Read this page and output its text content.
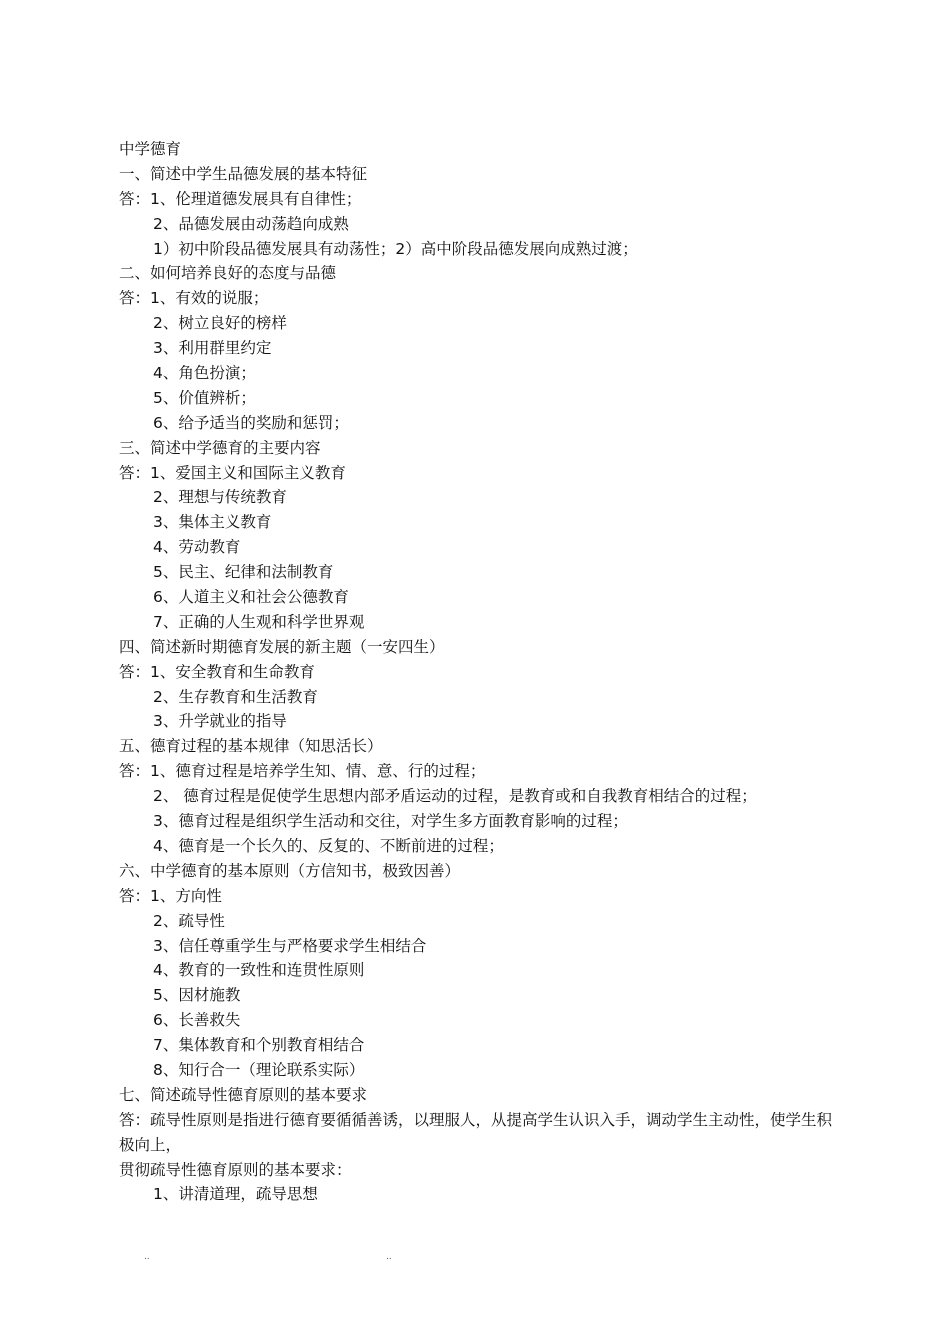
中学德育
一、简述中学生品德发展的基本特征
答：1、伦理道德发展具有自律性；
2、品德发展由动荡趋向成熟
1）初中阶段品德发展具有动荡性；2）高中阶段品德发展向成熟过渡；
二、如何培养良好的态度与品德
答：1、有效的说服；
2、树立良好的榜样
3、利用群里约定
4、角色扮演；
5、价值辨析；
6、给予适当的奖励和惩罚；
三、简述中学德育的主要内容
答：1、爱国主义和国际主义教育
2、理想与传统教育
3、集体主义教育
4、劳动教育
5、民主、纪律和法制教育
6、人道主义和社会公德教育
7、正确的人生观和科学世界观
四、简述新时期德育发展的新主题（一安四生）
答：1、安全教育和生命教育
2、生存教育和生活教育
3、升学就业的指导
五、德育过程的基本规律（知思活长）
答：1、德育过程是培养学生知、情、意、行的过程；
2、 德育过程是促使学生思想内部矛盾运动的过程，是教育或和自我教育相结合的过程；
3、德育过程是组织学生活动和交往，对学生多方面教育影响的过程；
4、德育是一个长久的、反复的、不断前进的过程；
六、中学德育的基本原则（方信知书，极致因善）
答：1、方向性
2、疏导性
3、信任尊重学生与严格要求学生相结合
4、教育的一致性和连贯性原则
5、因材施教
6、长善救失
7、集体教育和个别教育相结合
8、知行合一（理论联系实际）
七、简述疏导性德育原则的基本要求
答：疏导性原则是指进行德育要循循善诱，以理服人，从提高学生认识入手，调动学生主动性，使学生积极向上，
贯彻疏导性德育原则的基本要求：
1、讲清道理，疏导思想
..	..
